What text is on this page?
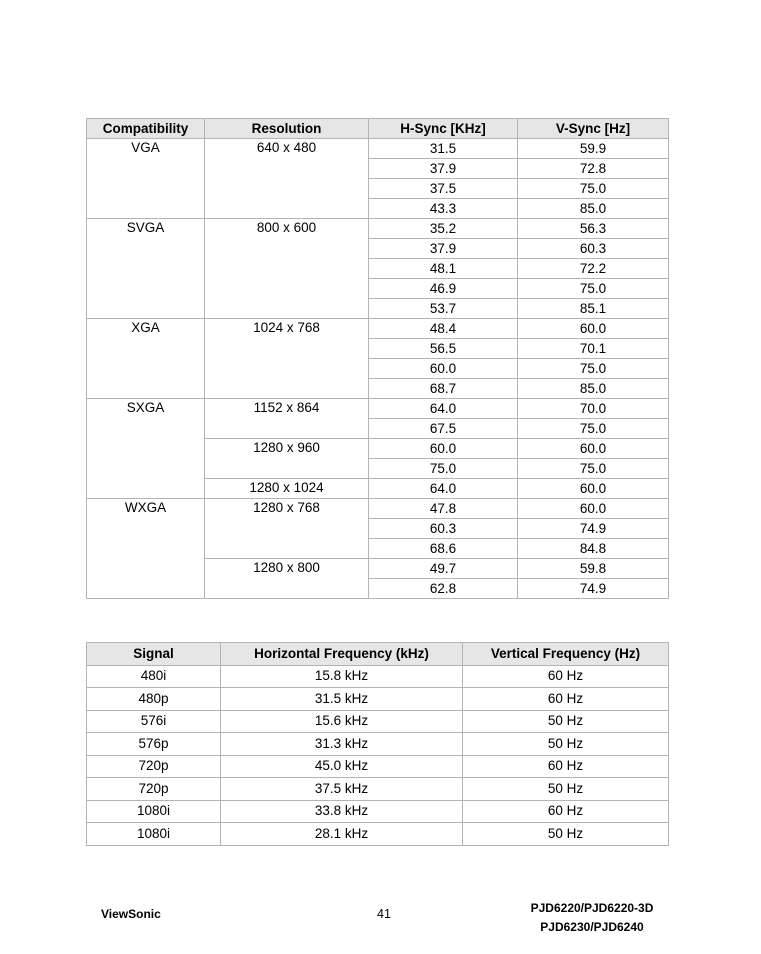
Compatibility	Resolution	H-Sync [KHz]	V-Sync [Hz]
VGA	640 x 480	31.5	59.9
		37.9	72.8
		37.5	75.0
		43.3	85.0
SVGA	800 x 600	35.2	56.3
		37.9	60.3
		48.1	72.2
		46.9	75.0
		53.7	85.1
XGA	1024 x 768	48.4	60.0
		56.5	70.1
		60.0	75.0
		68.7	85.0
SXGA	1152 x 864	64.0	70.0
		67.5	75.0
	1280 x 960	60.0	60.0
		75.0	75.0
	1280 x 1024	64.0	60.0
WXGA	1280 x 768	47.8	60.0
		60.3	74.9
		68.6	84.8
	1280 x 800	49.7	59.8
		62.8	74.9
Signal	Horizontal Frequency (kHz)	Vertical Frequency (Hz)
480i	15.8 kHz	60 Hz
480p	31.5 kHz	60 Hz
576i	15.6 kHz	50 Hz
576p	31.3 kHz	50 Hz
720p	45.0 kHz	60 Hz
720p	37.5 kHz	50 Hz
1080i	33.8 kHz	60 Hz
1080i	28.1 kHz	50 Hz
ViewSonic	41	PJD6220/PJD6220-3D
PJD6230/PJD6240
